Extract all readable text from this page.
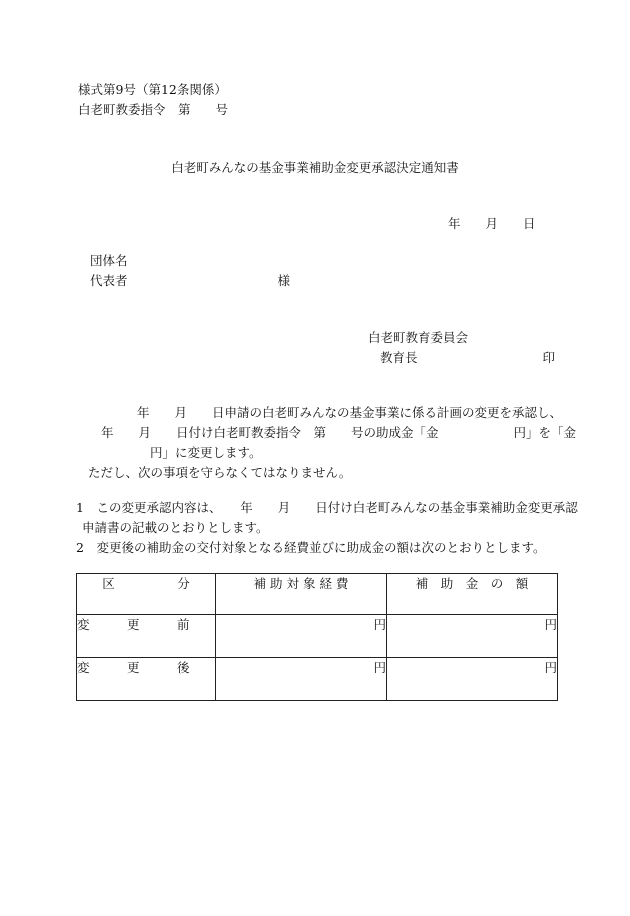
様式第9号（第12条関係）
白老町教委指令　第　　号
白老町みんなの基金事業補助金変更承認決定通知書
年　　月　　日
団体名
代表者　　　　　　　　　　　　様
白老町教育委員会
教育長　　　　　　　　　　印
年　　月　　日申請の白老町みんなの基金事業に係る計画の変更を承認し、
年　　月　　日付け白老町教委指令　第　　号の助成金「金　　　　　　円」を「金
円」に変更します。
ただし、次の事項を守らなくてはなりません。
1　この変更承認内容は、　　年　　月　　日付け白老町みんなの基金事業補助金変更承認
申請書の記載のとおりとします。
2　変更後の補助金の交付対象となる経費並びに助成金の額は次のとおりとします。
区　　　　　分	補 助 対 象 経 費	補　助　金　の　額
変　　　更　　　前	円	円
変　　　更　　　後	円	円
